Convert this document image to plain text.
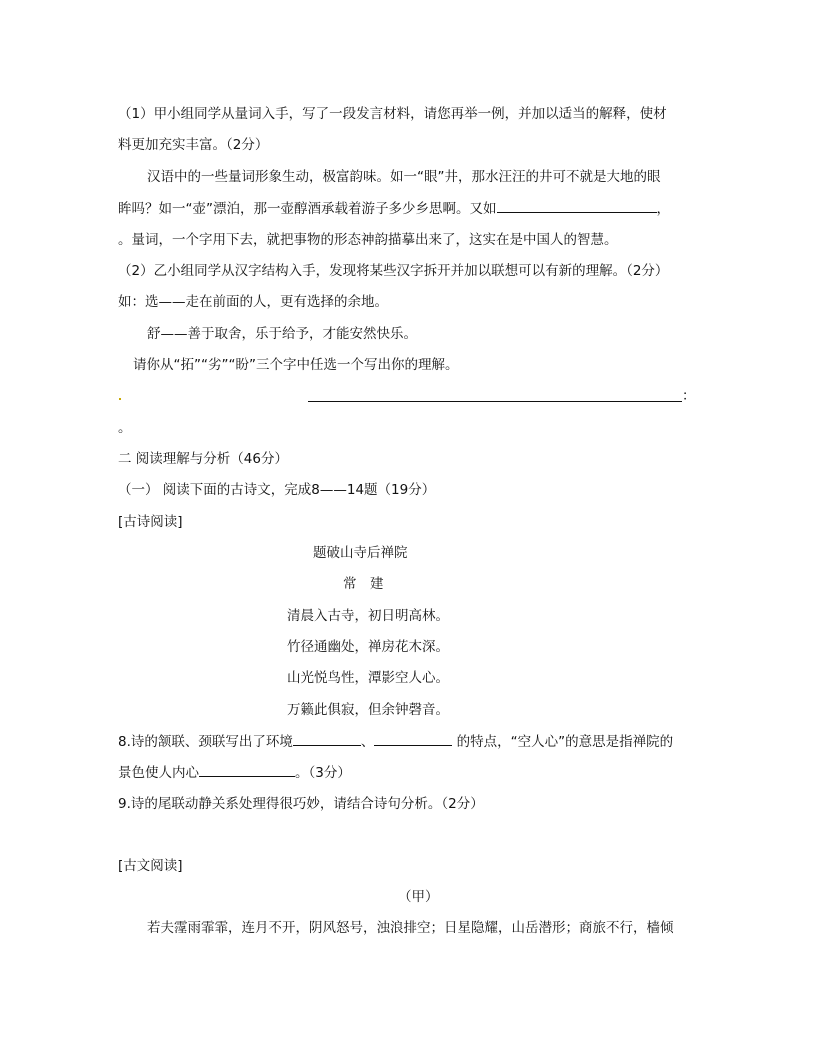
（1）甲小组同学从量词入手，写了一段发言材料，请您再举一例，并加以适当的解释，使材
料更加充实丰富。（2分）
汉语中的一些量词形象生动，极富韵味。如一“眼”井，那水汪汪的井可不就是大地的眼
眸吗？如一“壶”漂泊，那一壶醇酒承载着游子多少乡思啊。又如	，
。量词，一个字用下去，就把事物的形态神韵描摹出来了，这实在是中国人的智慧。
（2）乙小组同学从汉字结构入手，发现将某些汉字拆开并加以联想可以有新的理解。（2分）
如：选——走在前面的人，更有选择的余地。
舒——善于取舍，乐于给予，才能安然快乐。
请你从“拓”“劣”“盼”三个字中任选一个写出你的理解。
：
。
二 阅读理解与分析（46分）
（一） 阅读下面的古诗文，完成8——14题（19分）
[古诗阅读]
题破山寺后禅院
常　建
清晨入古寺，初日明高林。
竹径通幽处，禅房花木深。
山光悦鸟性，潭影空人心。
万籁此俱寂，但余钟磬音。
8.诗的颔联、颈联写出了环境	、	的特点，“空人心”的意思是指禅院的
景色使人内心	。（3分）
9.诗的尾联动静关系处理得很巧妙，请结合诗句分析。（2分）
[古文阅读]
（甲）
若夫霪雨霏霏，连月不开，阴风怒号，浊浪排空；日星隐耀，山岳潜形；商旅不行，樯倾
